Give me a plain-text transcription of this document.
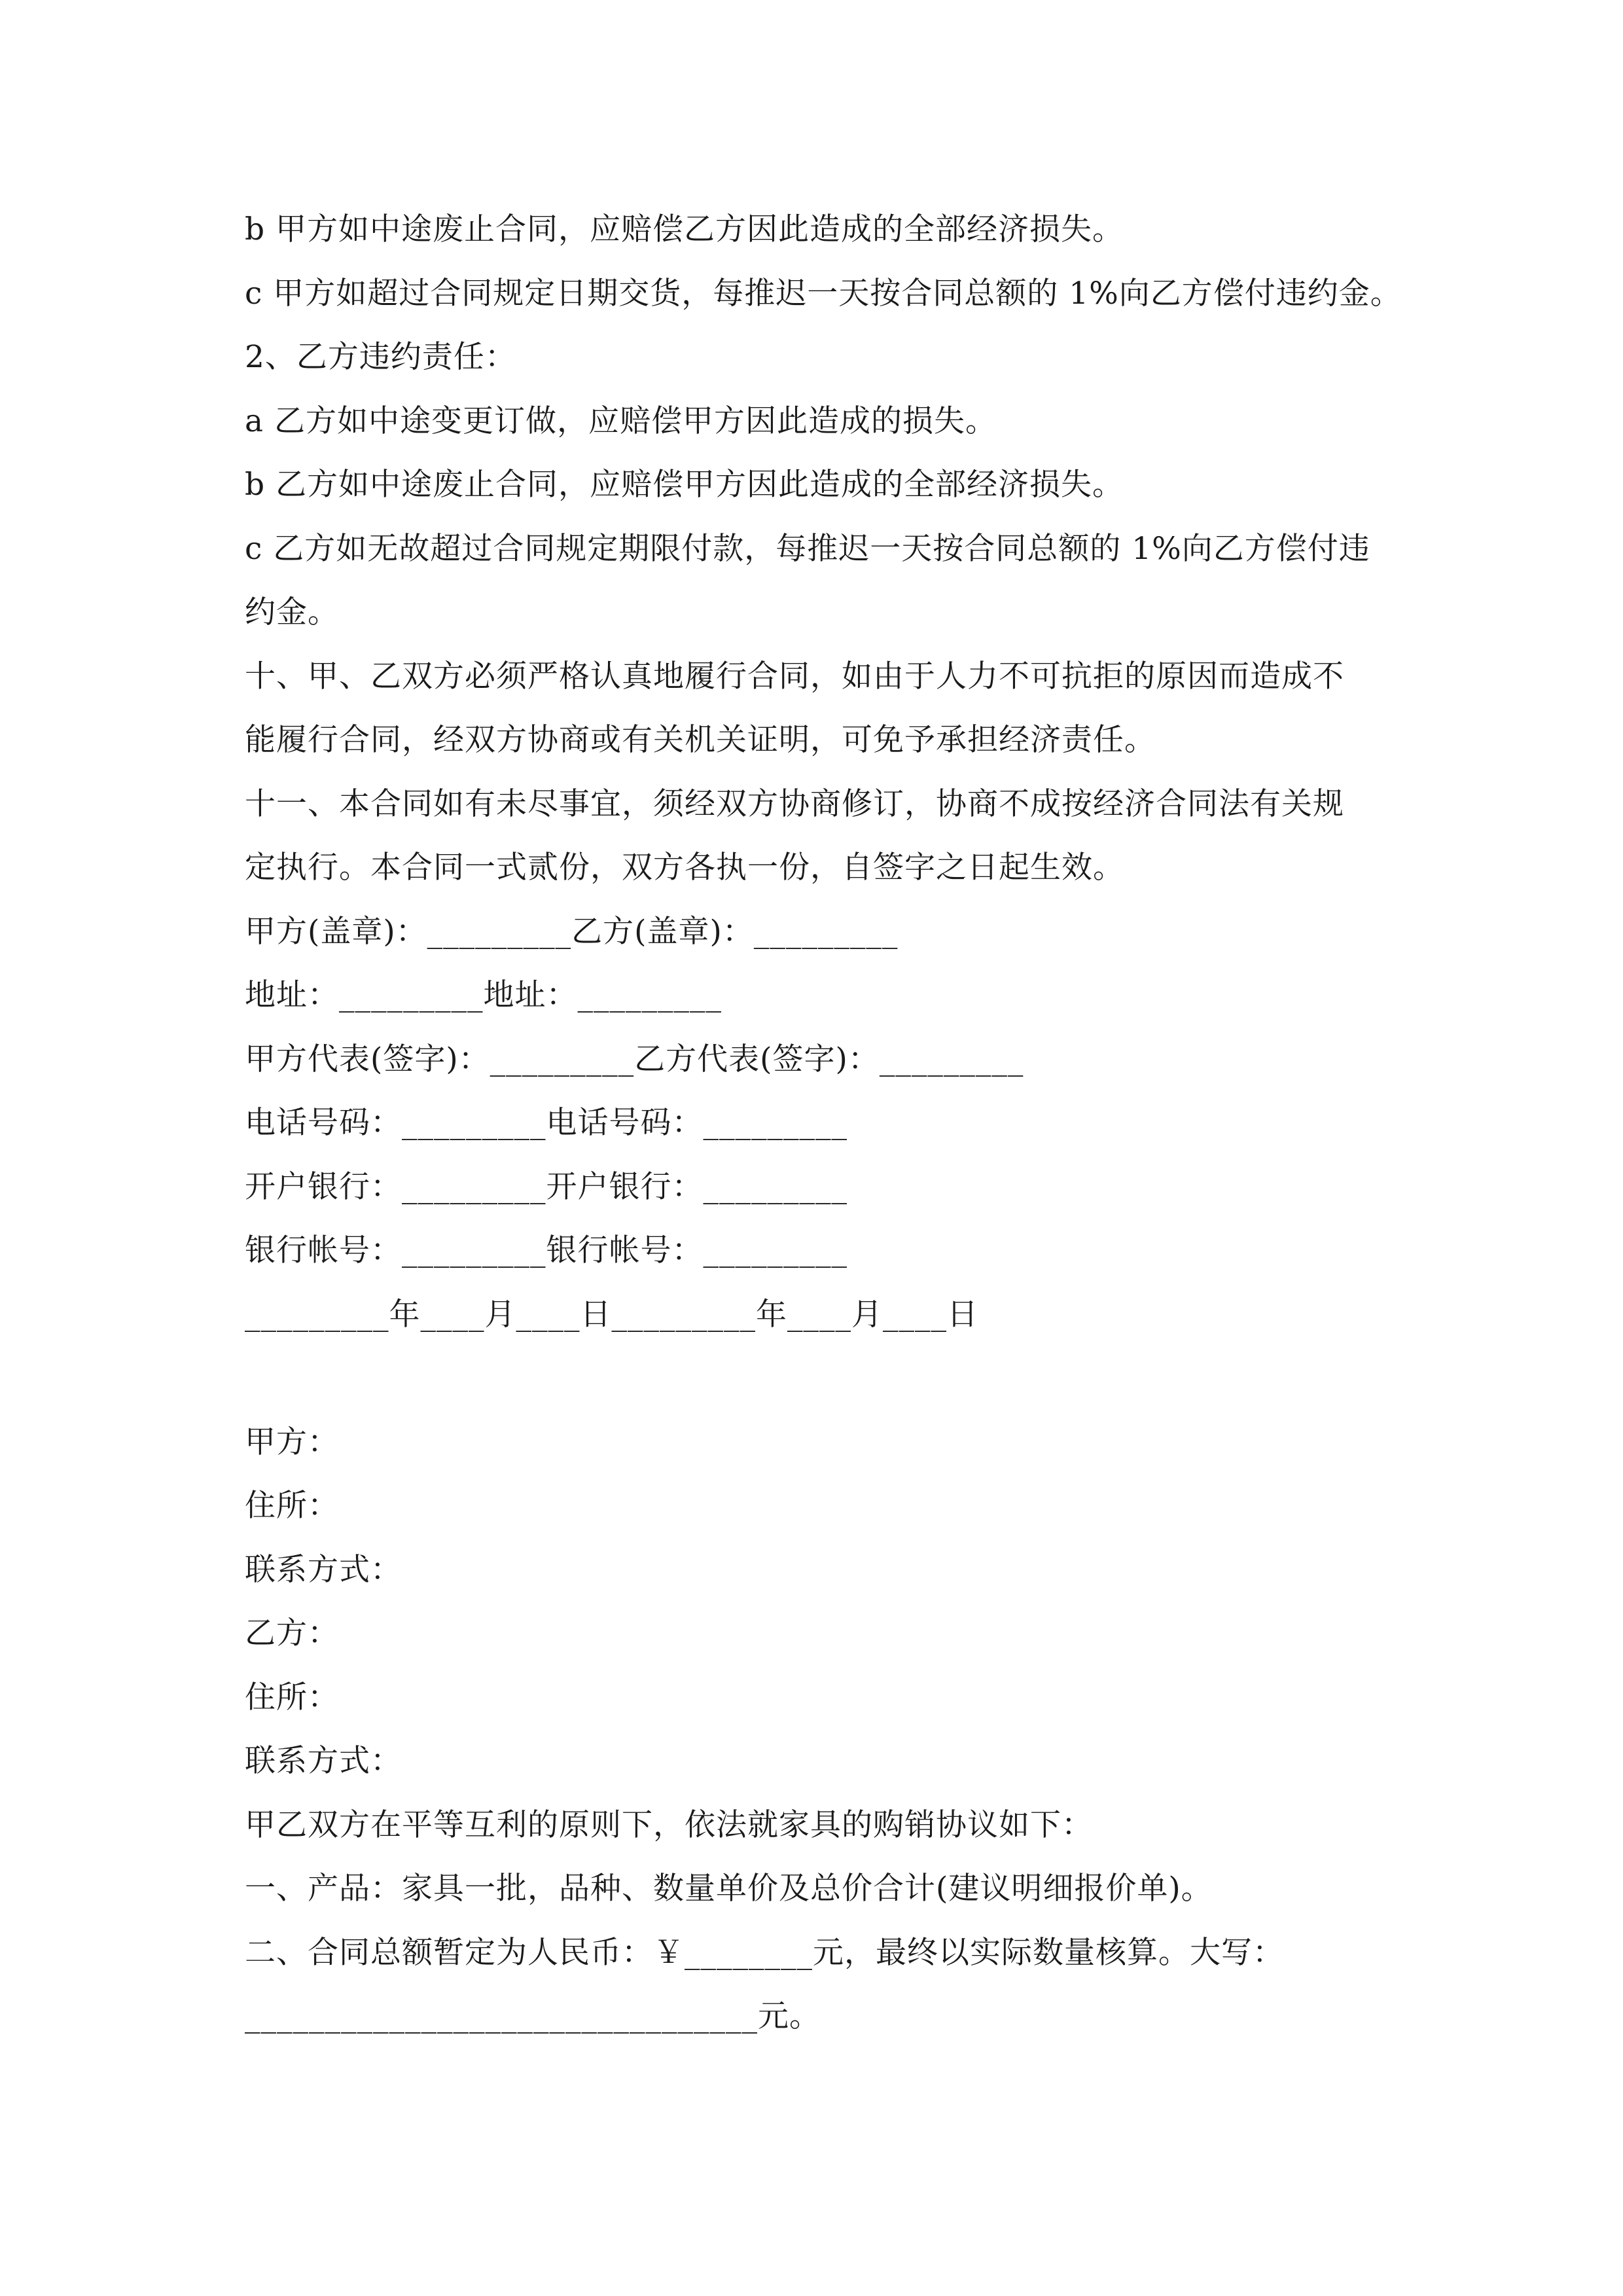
b 甲方如中途废止合同，应赔偿乙方因此造成的全部经济损失。
c 甲方如超过合同规定日期交货，每推迟一天按合同总额的 1%向乙方偿付违约金。
2、乙方违约责任：
a 乙方如中途变更订做，应赔偿甲方因此造成的损失。
b 乙方如中途废止合同，应赔偿甲方因此造成的全部经济损失。
c 乙方如无故超过合同规定期限付款，每推迟一天按合同总额的 1%向乙方偿付违
约金。
十、甲、乙双方必须严格认真地履行合同，如由于人力不可抗拒的原因而造成不
能履行合同，经双方协商或有关机关证明，可免予承担经济责任。
十一、本合同如有未尽事宜，须经双方协商修订，协商不成按经济合同法有关规
定执行。本合同一式贰份，双方各执一份，自签字之日起生效。
甲方(盖章)：_________乙方(盖章)：_________
地址：_________地址：_________
甲方代表(签字)：_________乙方代表(签字)：_________
电话号码：_________电话号码：_________
开户银行：_________开户银行：_________
银行帐号：_________银行帐号：_________
_________年____月____日_________年____月____日
甲方：
住所：
联系方式：
乙方：
住所：
联系方式：
甲乙双方在平等互利的原则下，依法就家具的购销协议如下：
一、产品：家具一批，品种、数量单价及总价合计(建议明细报价单)。
二、合同总额暂定为人民币：￥________元，最终以实际数量核算。大写：
________________________________元。
